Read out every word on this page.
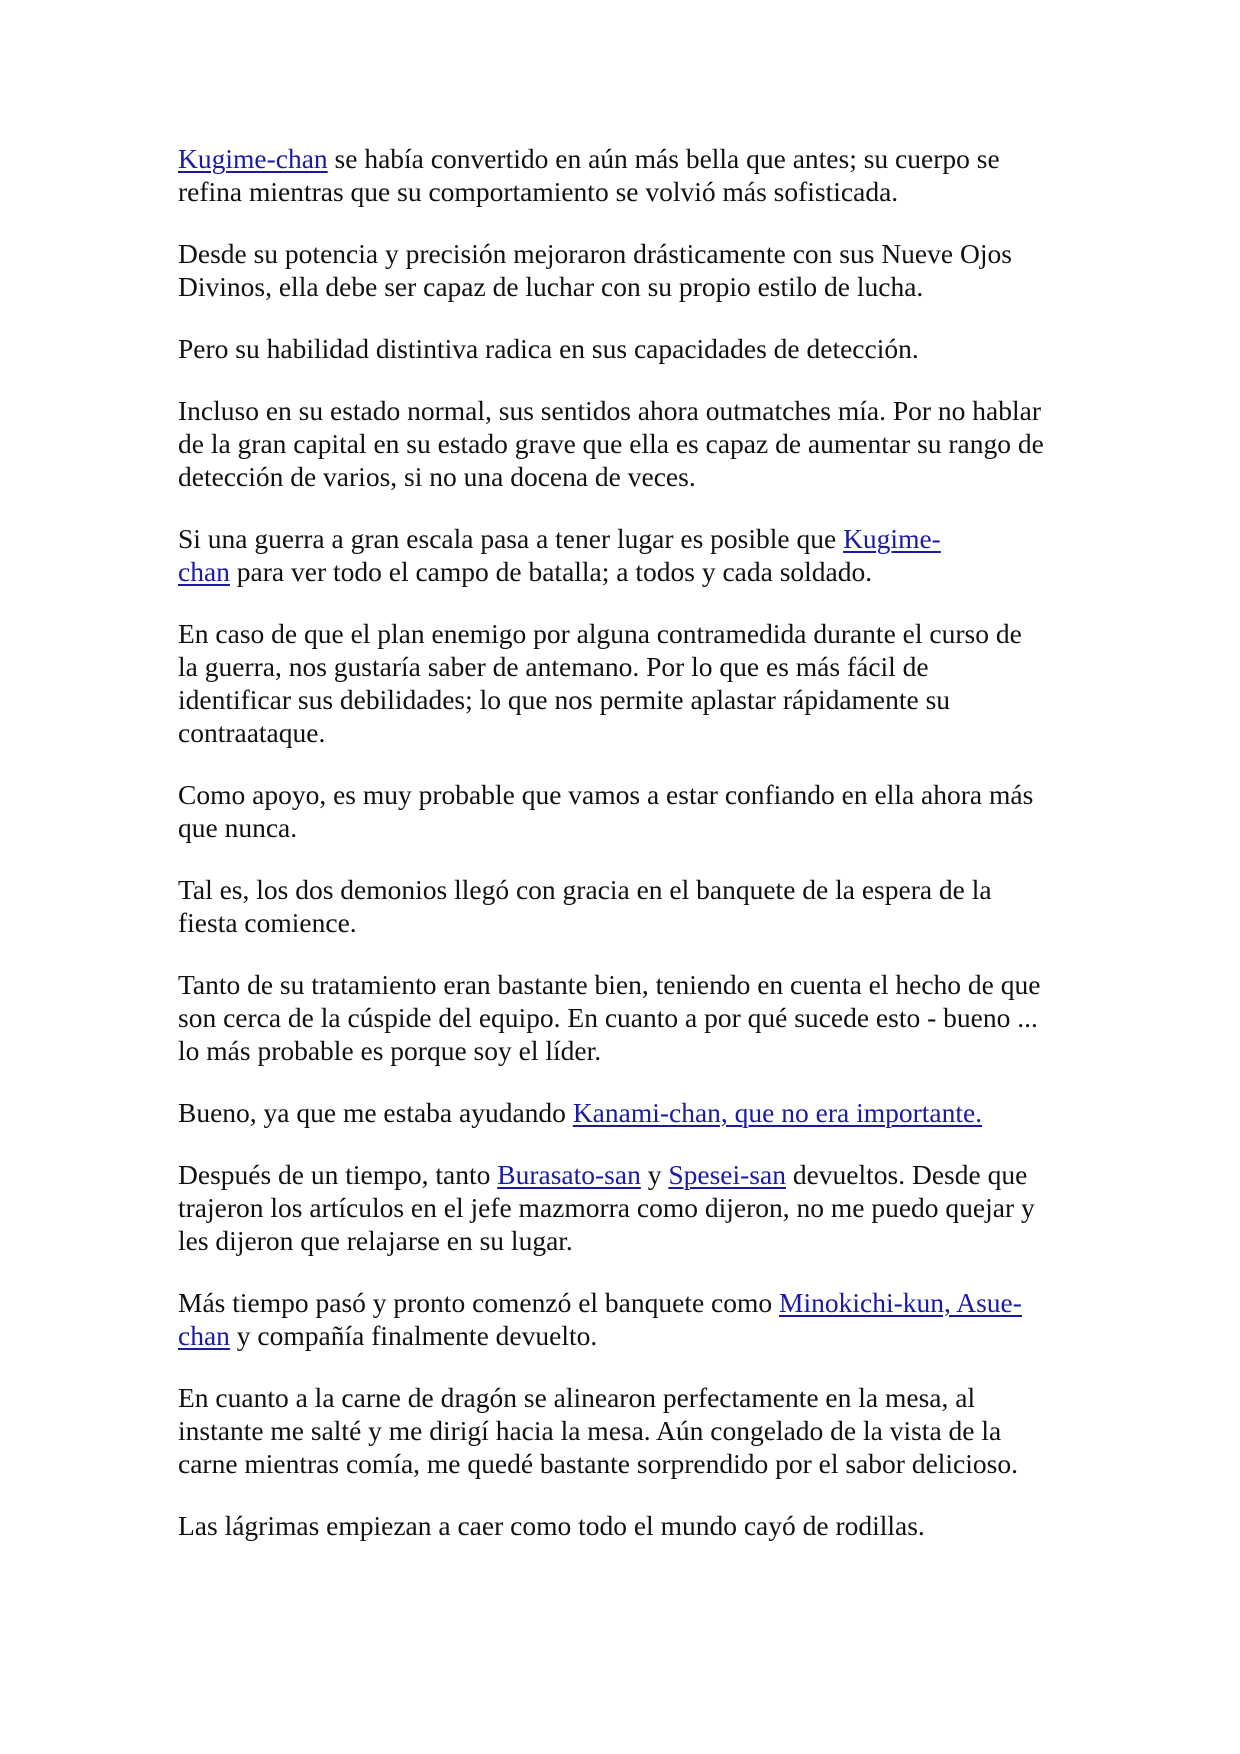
Kugime-chan se había convertido en aún más bella que antes; su cuerpo se
refina mientras que su comportamiento se volvió más sofisticada.

Desde su potencia y precisión mejoraron drásticamente con sus Nueve Ojos
Divinos, ella debe ser capaz de luchar con su propio estilo de lucha.

Pero su habilidad distintiva radica en sus capacidades de detección.

Incluso en su estado normal, sus sentidos ahora outmatches mía. Por no hablar
de la gran capital en su estado grave que ella es capaz de aumentar su rango de
detección de varios, si no una docena de veces.

Si una guerra a gran escala pasa a tener lugar es posible que Kugime-
chan para ver todo el campo de batalla; a todos y cada soldado.

En caso de que el plan enemigo por alguna contramedida durante el curso de
la guerra, nos gustaría saber de antemano. Por lo que es más fácil de
identificar sus debilidades; lo que nos permite aplastar rápidamente su
contraataque.

Como apoyo, es muy probable que vamos a estar confiando en ella ahora más
que nunca.

Tal es, los dos demonios llegó con gracia en el banquete de la espera de la
fiesta comience.

Tanto de su tratamiento eran bastante bien, teniendo en cuenta el hecho de que
son cerca de la cúspide del equipo. En cuanto a por qué sucede esto - bueno ...
lo más probable es porque soy el líder.

Bueno, ya que me estaba ayudando Kanami-chan, que no era importante.

Después de un tiempo, tanto Burasato-san y Spesei-san devueltos. Desde que
trajeron los artículos en el jefe mazmorra como dijeron, no me puedo quejar y
les dijeron que relajarse en su lugar.

Más tiempo pasó y pronto comenzó el banquete como Minokichi-kun, Asue-
chan y compañía finalmente devuelto.

En cuanto a la carne de dragón se alinearon perfectamente en la mesa, al
instante me salté y me dirigí hacia la mesa. Aún congelado de la vista de la
carne mientras comía, me quedé bastante sorprendido por el sabor delicioso.

Las lágrimas empiezan a caer como todo el mundo cayó de rodillas.
